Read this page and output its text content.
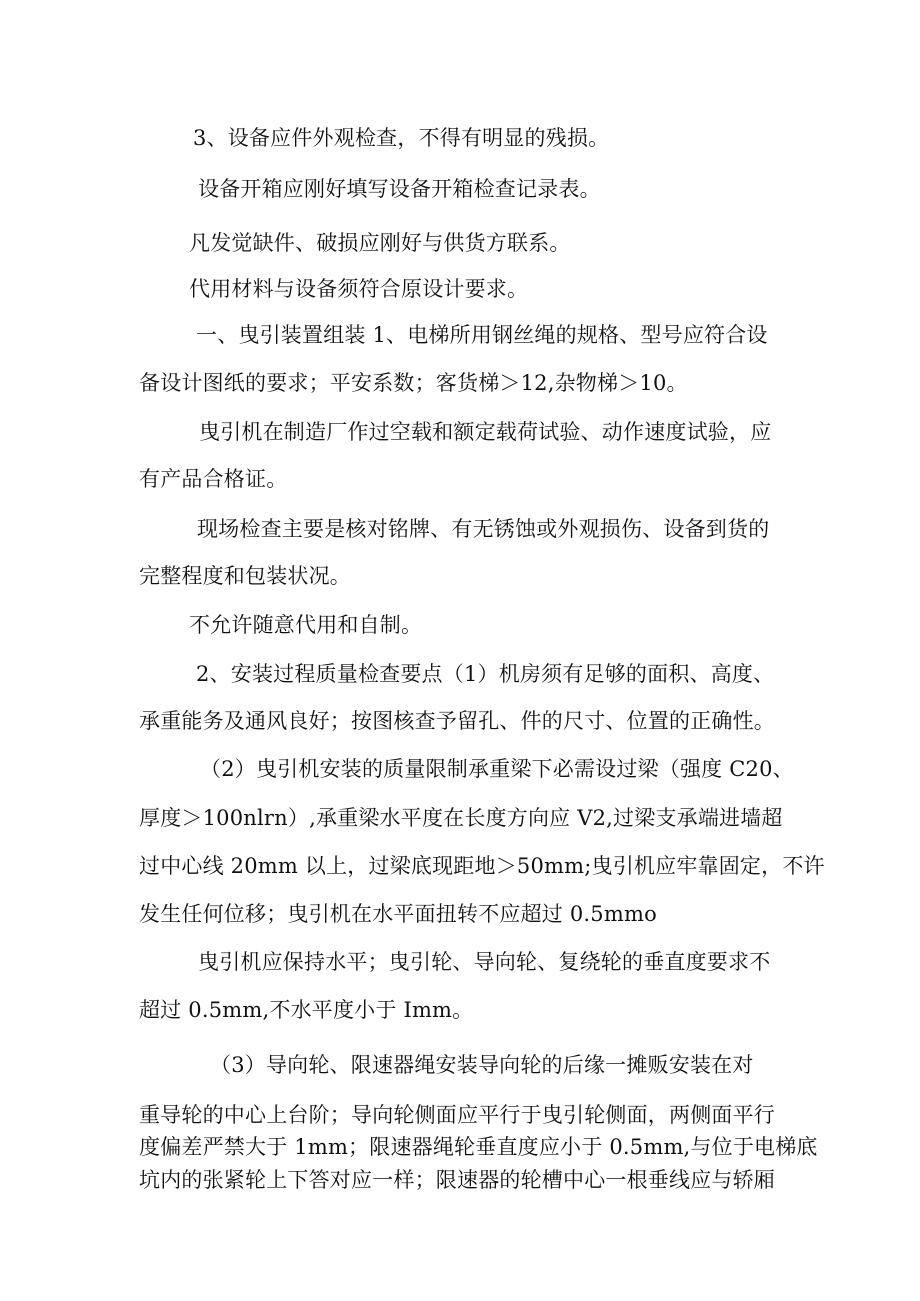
3、设备应件外观检查，不得有明显的残损。
设备开箱应刚好填写设备开箱检查记录表。
凡发觉缺件、破损应刚好与供货方联系。
代用材料与设备须符合原设计要求。
一、曳引装置组装 1、电梯所用钢丝绳的规格、型号应符合设
备设计图纸的要求；平安系数；客货梯＞12,杂物梯＞10。
曳引机在制造厂作过空载和额定载荷试验、动作速度试验，应
有产品合格证。
现场检查主要是核对铭牌、有无锈蚀或外观损伤、设备到货的
完整程度和包装状况。
不允许随意代用和自制。
2、安装过程质量检查要点（1）机房须有足够的面积、高度、
承重能务及通风良好；按图核查予留孔、件的尺寸、位置的正确性。
（2）曳引机安装的质量限制承重梁下必需设过梁（强度 C20、
厚度＞100nlrn）,承重梁水平度在长度方向应 V2,过梁支承端进墙超
过中心线 20mm 以上，过梁底现距地＞50mm;曳引机应牢靠固定，不许
发生任何位移；曳引机在水平面扭转不应超过 0.5mmo
曳引机应保持水平；曳引轮、导向轮、复绕轮的垂直度要求不
超过 0.5mm,不水平度小于 Imm。
（3）导向轮、限速器绳安装导向轮的后缘一摊贩安装在对
重导轮的中心上台阶；导向轮侧面应平行于曳引轮侧面，两侧面平行
度偏差严禁大于 1mm；限速器绳轮垂直度应小于 0.5mm,与位于电梯底
坑内的张紧轮上下答对应一样；限速器的轮槽中心一根垂线应与轿厢
